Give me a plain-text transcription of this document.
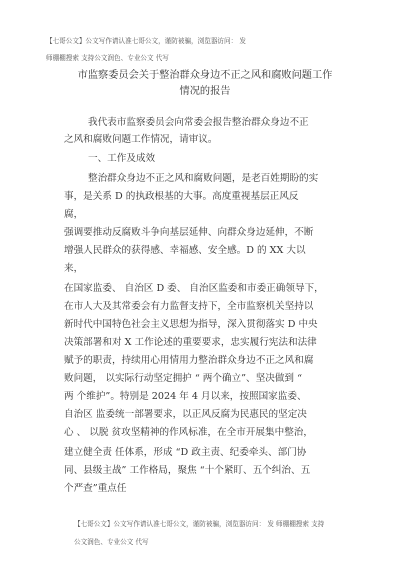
【七哥公文】公文写作请认准七哥公文，谨防被骗，浏览器访问： 发
师棚棚搜索 支持公文润色、专业公文 代写
市监察委员会关于整治群众身边不正之风和腐败问题工作
情况的报告
我代表市监察委员会向常委会报告整治群众身边不正
之风和腐败问题工作情况，请审议。
一、工作及成效
整治群众身边不正之风和腐败问题，是老百姓期盼的实
事，是关系 D 的执政根基的大事。高度重视基层正风反
腐，
强调要推动反腐败斗争向基层延伸、向群众身边延伸，不断
增强人民群众的获得感、幸福感、安全感。D 的 XX 大以
来，
在国家监委、 自治区 D 委、 自治区监委和市委正确领导下，
在市人大及其常委会有力监督支持下，全市监察机关坚持以
新时代中国特色社会主义思想为指导，深入贯彻落实 D 中央
决策部署和对 X 工作论述的重要要求，忠实履行宪法和法律
赋予的职责，持续用心用情用力整治群众身边不正之风和腐
败问题， 以实际行动坚定拥护 “ 两个确立”、坚决做到 “
两 个维护”。特别是 2024 年 4 月以来，按照国家监委、
自治区 监委统一部署要求，以正风反腐为民惠民的坚定决
心 、 以脱 贫攻坚精神的作风标准，在全市开展集中整治，
建立健全责 任体系，形成 “D 政主责、纪委牵头、部门协
同、县级主战” 工作格局，聚焦 “十个紧盯、五个纠治、五
个严查”重点任
【七哥公文】公文写作请认准七哥公文，谨防被骗，浏览器访问： 发 师棚棚搜索 支持
公文润色、专业公文 代写
